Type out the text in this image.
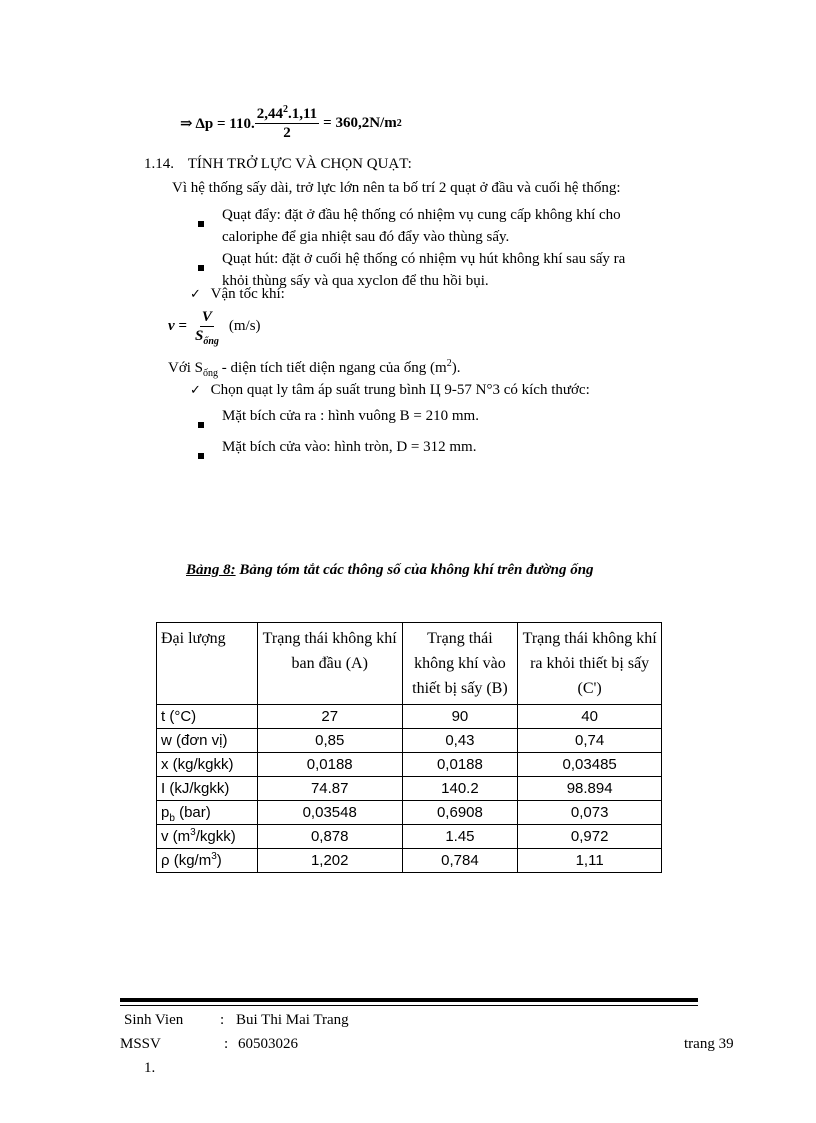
⇒ Δp = 110. $\frac{2,44^2.1,11}{2} = 360,2N/m$ 2
1.14. TÍNH TRỞ LỰC VÀ CHỌN QUẠT:
Vì hệ thống sấy dài, trở lực lớn nên ta bố trí 2 quạt ở đầu và cuối hệ thống:
Quạt đẩy: đặt ở đầu hệ thống có nhiệm vụ cung cấp không khí cho
caloriphe để gia nhiệt sau đó đẩy vào thùng sấy.
Quạt hút: đặt ở cuối hệ thống có nhiệm vụ hút không khí sau sấy ra
khỏi thùng sấy và qua xyclon để thu hồi bụi.
✓ Vận tốc khí:
$v = \frac{V}{S_{ống}} (m/s)$
Với $S_{ống}$ - diện tích tiết diện ngang của ống $(m^2)$.
✓ Chọn quạt ly tâm áp suất trung bình Ц 9-57 N°3 có kích thước:
Mặt bích cửa ra : hình vuông B = 210 mm.
Mặt bích cửa vào: hình tròn, D = 312 mm.
Bảng 8: Bảng tóm tắt các thông số của không khí trên đường ống
Đại lượng	Trạng thái không khí ban đầu (A)	Trạng thái không khí vào thiết bị sấy (B)	Trạng thái không khí ra khỏi thiết bị sấy (C')
t (°C)	27	90	40
w (đơn vị)	0,85	0,43	0,74
x (kg/kgkk)	0,0188	0,0188	0,03485
I (kJ/kgkk)	74.87	140.2	98.894
$p_b$ (bar)	0,03548	0,6908	0,073
v $(m^3/kgkk)$	0,878	1.45	0,972
ρ $(kg/m^3)$	1,202	0,784	1,11
Sinh Vien : Bui Thi Mai Trang
MSSV	: 60503026	trang 39
1.
